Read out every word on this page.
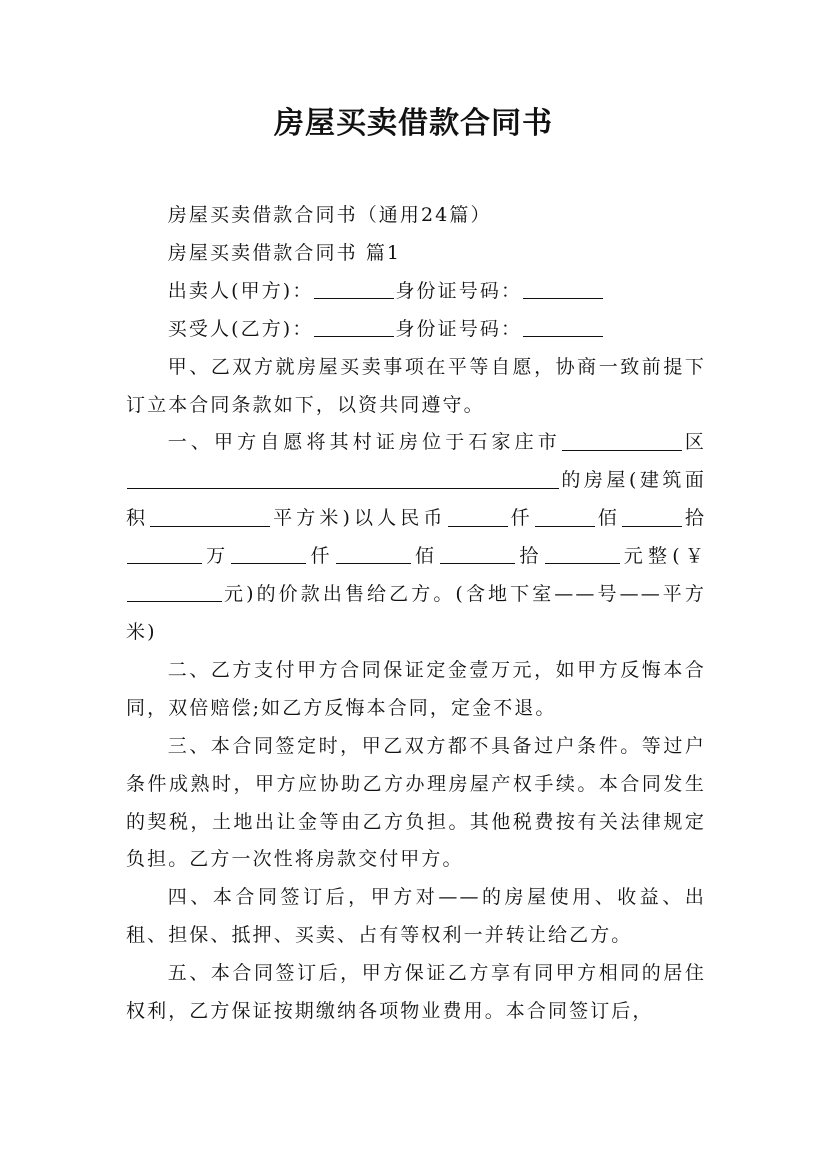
房屋买卖借款合同书

房屋买卖借款合同书（通用24篇）

房屋买卖借款合同书 篇1

出卖人(甲方)：	身份证号码：

买受人(乙方)：	身份证号码：

甲、乙双方就房屋买卖事项在平等自愿，协商一致前提下订立本合同条款如下，以资共同遵守。

一、甲方自愿将其村证房位于石家庄市	区的房屋(建筑面积	平方米)以人民币	仟	佰	拾万	仟	佰	拾	元整(￥元)的价款出售给乙方。(含地下室——号——平方米)

二、乙方支付甲方合同保证定金壹万元，如甲方反悔本合同，双倍赔偿;如乙方反悔本合同，定金不退。

三、本合同签定时，甲乙双方都不具备过户条件。等过户条件成熟时，甲方应协助乙方办理房屋产权手续。本合同发生的契税，土地出让金等由乙方负担。其他税费按有关法律规定负担。乙方一次性将房款交付甲方。

四、本合同签订后，甲方对——的房屋使用、收益、出租、担保、抵押、买卖、占有等权利一并转让给乙方。

五、本合同签订后，甲方保证乙方享有同甲方相同的居住权利，乙方保证按期缴纳各项物业费用。本合同签订后，
